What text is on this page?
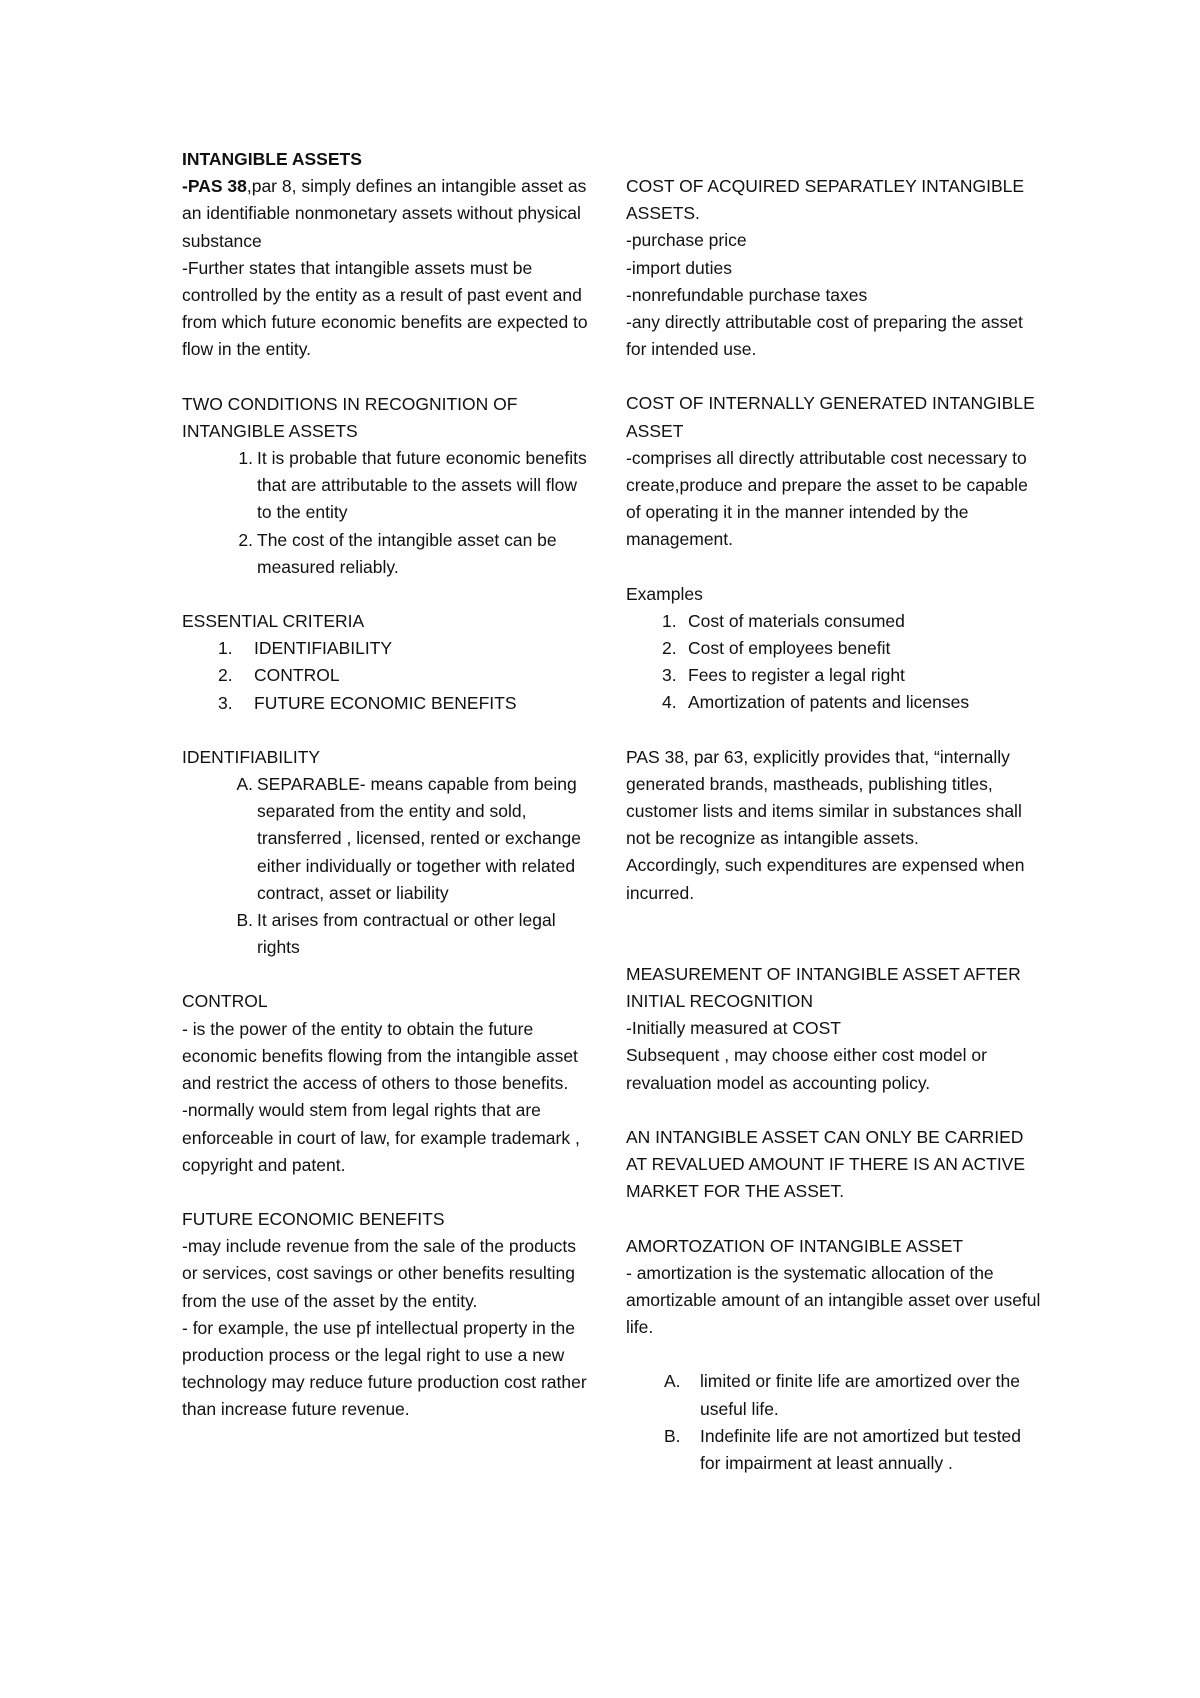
INTANGIBLE ASSETS
-PAS 38,par 8, simply defines an intangible asset as an identifiable nonmonetary assets without physical substance
-Further states that intangible assets must be controlled by the entity as a result of past event and from which future economic benefits are expected to flow in the entity.
TWO CONDITIONS IN RECOGNITION OF INTANGIBLE ASSETS
1. It is probable that future economic benefits that are attributable to the assets will flow to the entity
2. The cost of the intangible asset can be measured reliably.
ESSENTIAL CRITERIA
1.	IDENTIFIABILITY
2.	CONTROL
3.	FUTURE ECONOMIC BENEFITS
IDENTIFIABILITY
A. SEPARABLE- means capable from being separated from the entity and sold, transferred , licensed, rented or exchange either individually or together with related contract, asset or liability
B. It arises from contractual or other legal rights
CONTROL
- is the power of the entity to obtain the future economic benefits flowing from the intangible asset and restrict the access of others to those benefits.
-normally would stem from legal rights that are enforceable in court of law, for example trademark , copyright and patent.
FUTURE ECONOMIC BENEFITS
-may include revenue from the sale of the products or services, cost savings or other benefits resulting from the use of the asset by the entity.
- for example, the use pf intellectual property in the production process or the legal right to use a new technology may reduce future production cost rather than increase future revenue.
COST OF ACQUIRED SEPARATLEY INTANGIBLE ASSETS.
-purchase price
-import duties
-nonrefundable purchase taxes
-any directly attributable cost of preparing the asset for intended use.
COST OF INTERNALLY GENERATED INTANGIBLE ASSET
-comprises all directly attributable cost necessary to create,produce and prepare the asset to be capable of operating it in the manner intended by the management.
Examples
1. Cost of materials consumed
2. Cost of employees benefit
3. Fees to register a legal right
4. Amortization of patents and licenses
PAS 38, par 63, explicitly provides that, “internally generated brands, mastheads, publishing titles, customer lists and items similar in substances shall not be recognize as intangible assets.
Accordingly, such expenditures are expensed when incurred.
MEASUREMENT OF INTANGIBLE ASSET AFTER INITIAL RECOGNITION
-Initially measured at COST
Subsequent , may choose either cost model or revaluation model as accounting policy.
AN INTANGIBLE ASSET CAN ONLY BE CARRIED AT REVALUED AMOUNT IF THERE IS AN ACTIVE MARKET FOR THE ASSET.
AMORTOZATION OF INTANGIBLE ASSET
- amortization is the systematic allocation of the amortizable amount of an intangible asset over useful life.
A.	limited or finite life are amortized over the useful life.
B.	Indefinite life are not amortized but tested for impairment at least annually .
